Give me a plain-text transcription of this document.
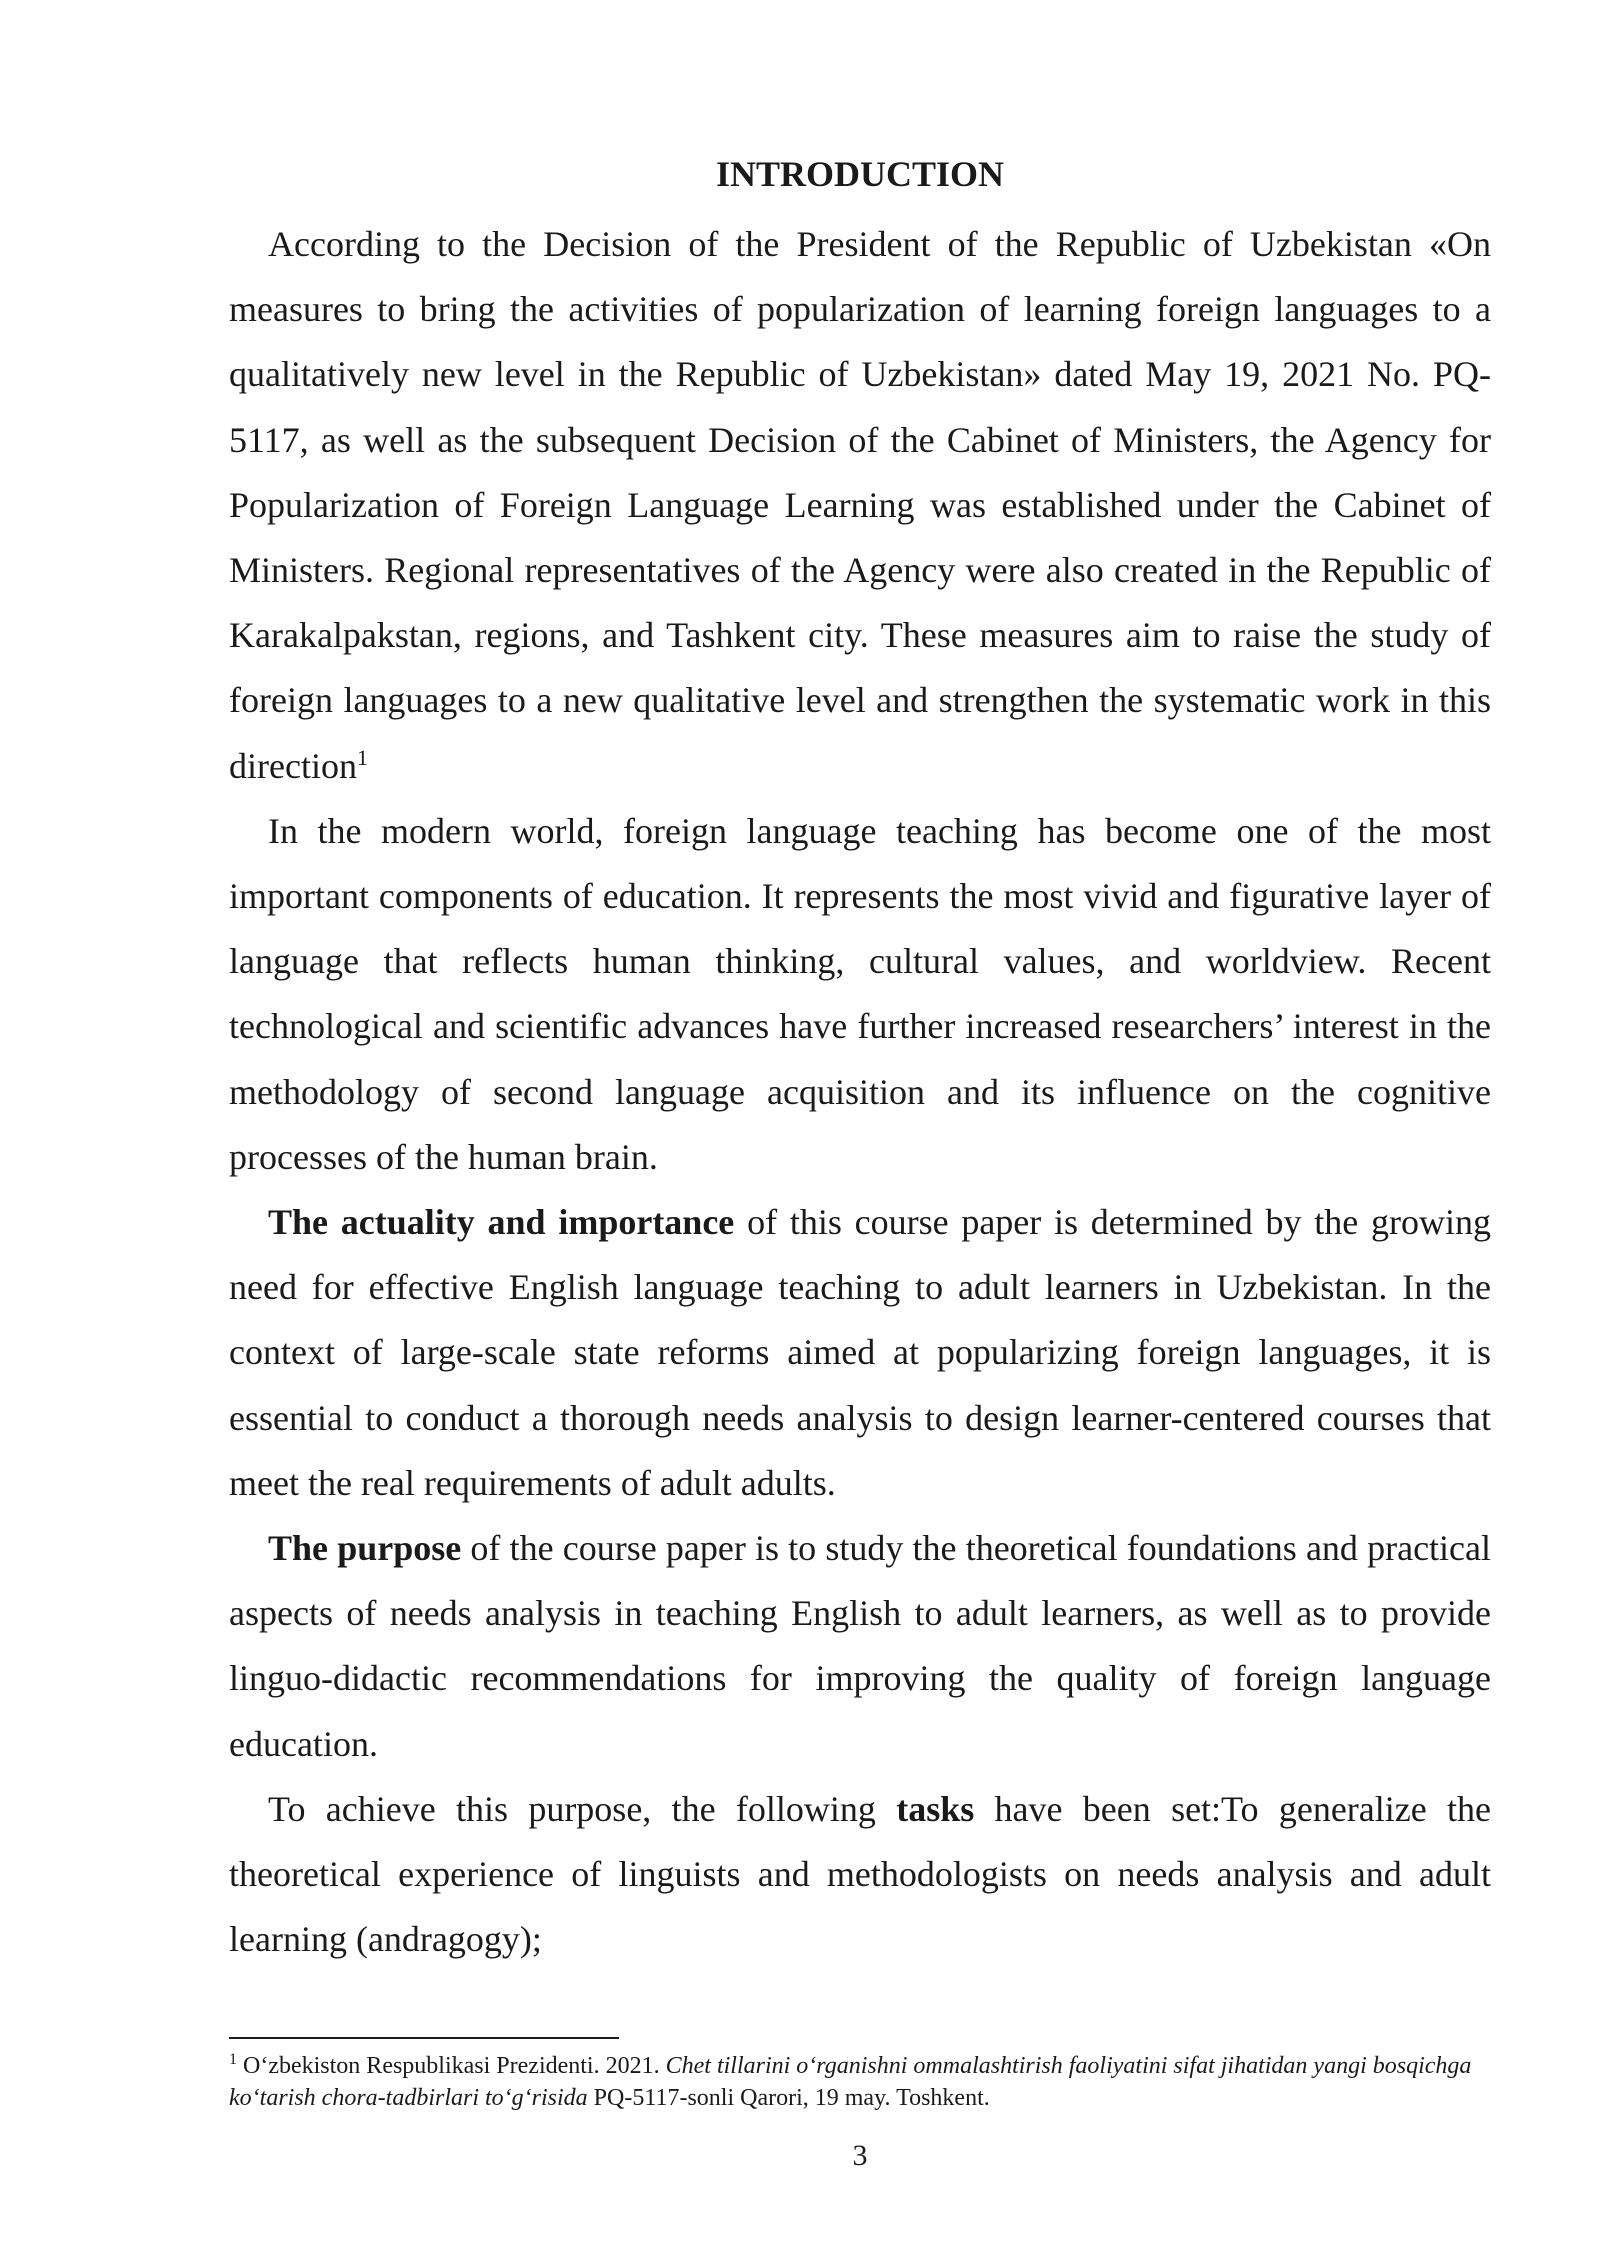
INTRODUCTION

According to the Decision of the President of the Republic of Uzbekistan «On measures to bring the activities of popularization of learning foreign languages to a qualitatively new level in the Republic of Uzbekistan» dated May 19, 2021 No. PQ-5117, as well as the subsequent Decision of the Cabinet of Ministers, the Agency for Popularization of Foreign Language Learning was established under the Cabinet of Ministers. Regional representatives of the Agency were also created in the Republic of Karakalpakstan, regions, and Tashkent city. These measures aim to raise the study of foreign languages to a new qualitative level and strengthen the systematic work in this direction$^1$

In the modern world, foreign language teaching has become one of the most important components of education. It represents the most vivid and figurative layer of language that reflects human thinking, cultural values, and worldview. Recent technological and scientific advances have further increased researchers’ interest in the methodology of second language acquisition and its influence on the cognitive processes of the human brain.

The actuality and importance of this course paper is determined by the growing need for effective English language teaching to adult learners in Uzbekistan. In the context of large-scale state reforms aimed at popularizing foreign languages, it is essential to conduct a thorough needs analysis to design learner-centered courses that meet the real requirements of adult adults.

The purpose of the course paper is to study the theoretical foundations and practical aspects of needs analysis in teaching English to adult learners, as well as to provide linguo-didactic recommendations for improving the quality of foreign language education.

To achieve this purpose, the following tasks have been set:To generalize the theoretical experience of linguists and methodologists on needs analysis and adult learning (andragogy);

$^1$ O‘zbekiston Respublikasi Prezidenti. 2021. Chet tillarini o‘rganishni ommalashtirish faoliyatini sifat jihatidan yangi bosqichga ko‘tarish chora-tadbirlari to‘g‘risida PQ-5117-sonli Qarori, 19 may. Toshkent.

3
